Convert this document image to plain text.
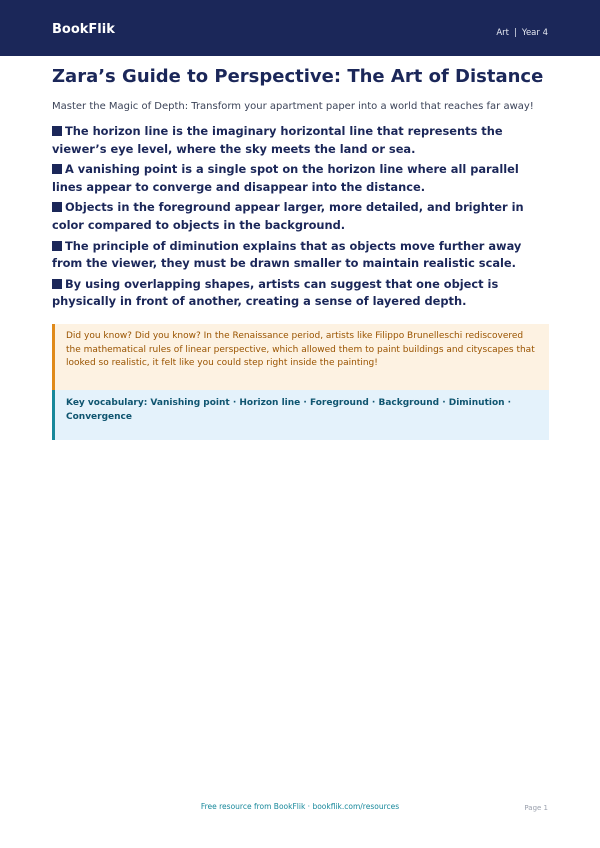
BookFlik	Art | Year 4
Zara’s Guide to Perspective: The Art of Distance

Master the Magic of Depth: Transform your apartment paper into a world that reaches far away!

The horizon line is the imaginary horizontal line that represents the viewer’s eye level, where the sky meets the land or sea.
A vanishing point is a single spot on the horizon line where all parallel lines appear to converge and disappear into the distance.
Objects in the foreground appear larger, more detailed, and brighter in color compared to objects in the background.
The principle of diminution explains that as objects move further away from the viewer, they must be drawn smaller to maintain realistic scale.
By using overlapping shapes, artists can suggest that one object is physically in front of another, creating a sense of layered depth.
Did you know? Did you know? In the Renaissance period, artists like Filippo Brunelleschi rediscovered the mathematical rules of linear perspective, which allowed them to paint buildings and cityscapes that looked so realistic, it felt like you could step right inside the painting!
Key vocabulary: Vanishing point · Horizon line · Foreground · Background · Diminution · Convergence
Free resource from BookFlik · bookflik.com/resources	Page 1
